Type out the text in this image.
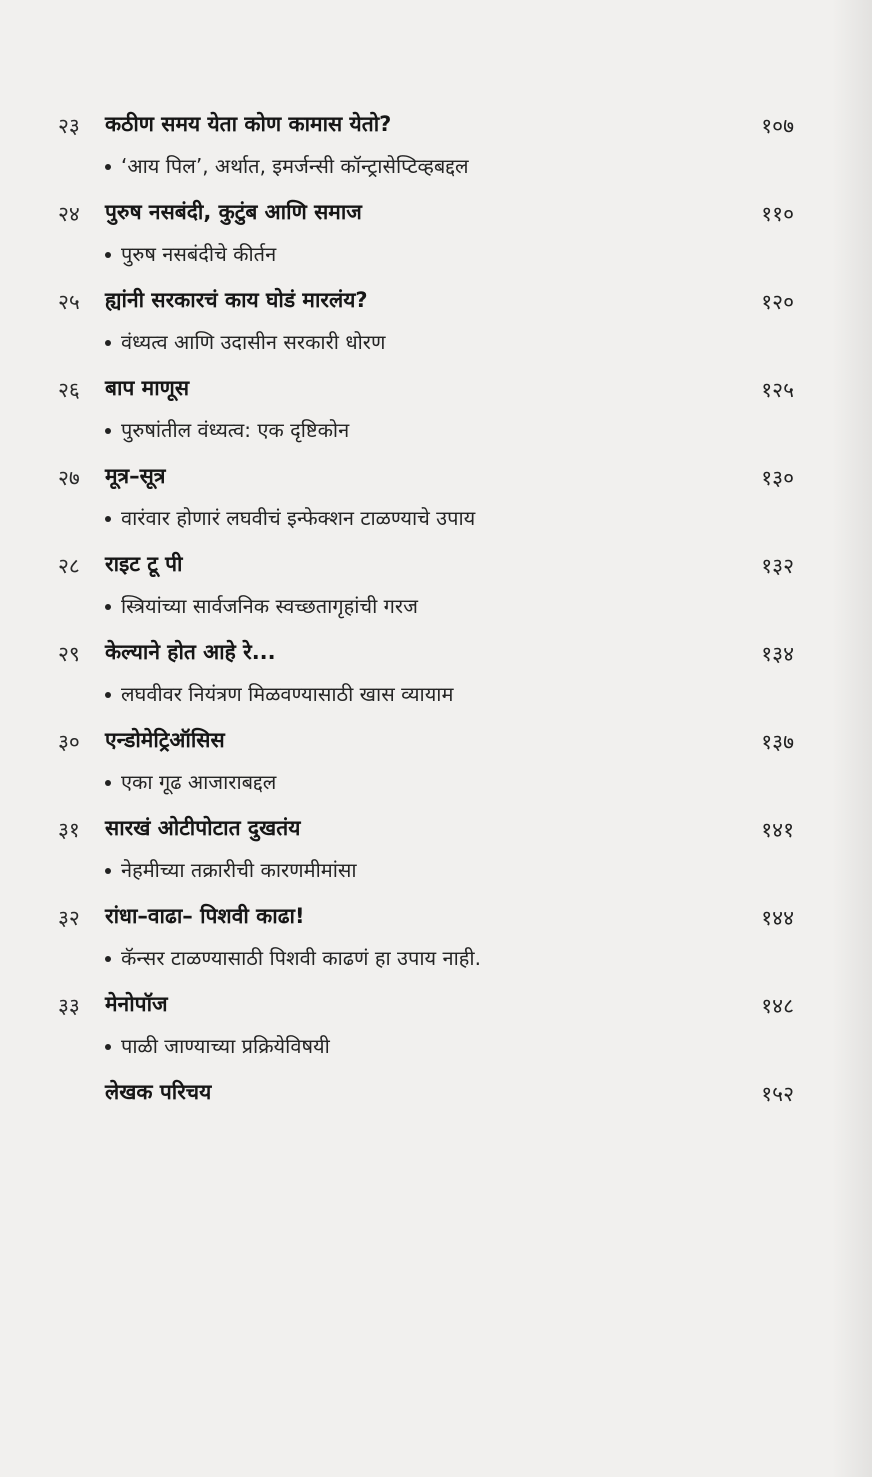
२३ कठीण समय येता कोण कामास येतो?	१०७
‘आय पिल’, अर्थात, इमर्जन्सी कॉन्ट्रासेप्टिव्हबद्दल
२४ पुरुष नसबंदी, कुटुंब आणि समाज	११०
पुरुष नसबंदीचे कीर्तन
२५ ह्यांनी सरकारचं काय घोडं मारलंय?	१२०
वंध्यत्व आणि उदासीन सरकारी धोरण
२६ बाप माणूस	१२५
पुरुषांतील वंध्यत्व: एक दृष्टिकोन
२७ मूत्र–सूत्र	१३०
वारंवार होणारं लघवीचं इन्फेक्शन टाळण्याचे उपाय
२८ राइट टू पी	१३२
स्त्रियांच्या सार्वजनिक स्वच्छतागृहांची गरज
२९ केल्याने होत आहे रे...	१३४
लघवीवर नियंत्रण मिळवण्यासाठी खास व्यायाम
३० एन्डोमेट्रिऑसिस	१३७
एका गूढ आजाराबद्दल
३१ सारखं ओटीपोटात दुखतंय	१४१
नेहमीच्या तक्रारीची कारणमीमांसा
३२ रांधा–वाढा– पिशवी काढा!	१४४
कॅन्सर टाळण्यासाठी पिशवी काढणं हा उपाय नाही.
३३ मेनोपॉज	१४८
पाळी जाण्याच्या प्रक्रियेविषयी
लेखक परिचय	१५२
